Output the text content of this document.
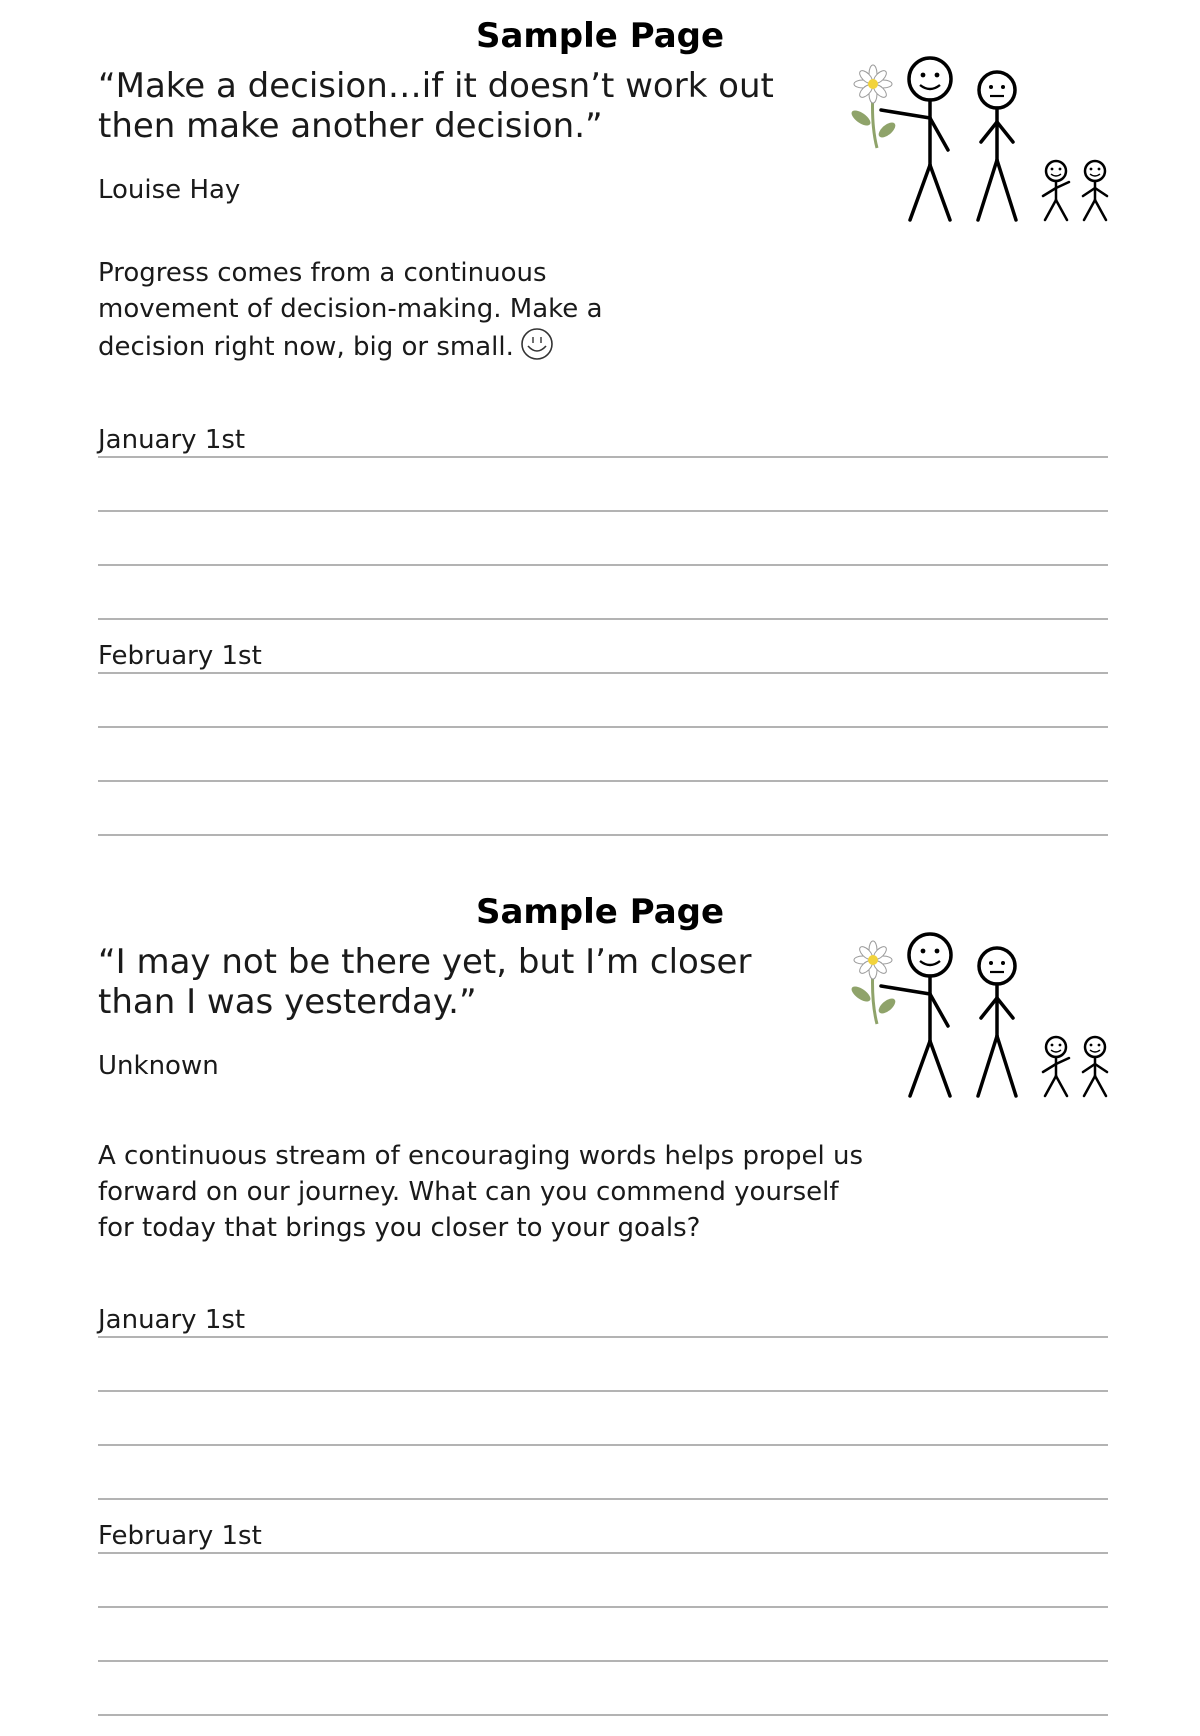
Sample Page
“Make a decision…if it doesn’t work out then make another decision.”
Louise Hay
Progress comes from a continuous movement of decision-making. Make a decision right now, big or small.
January 1st
February 1st
Sample Page
“I may not be there yet, but I’m closer than I was yesterday.”
Unknown
A continuous stream of encouraging words helps propel us forward on our journey. What can you commend yourself for today that brings you closer to your goals?
January 1st
February 1st
